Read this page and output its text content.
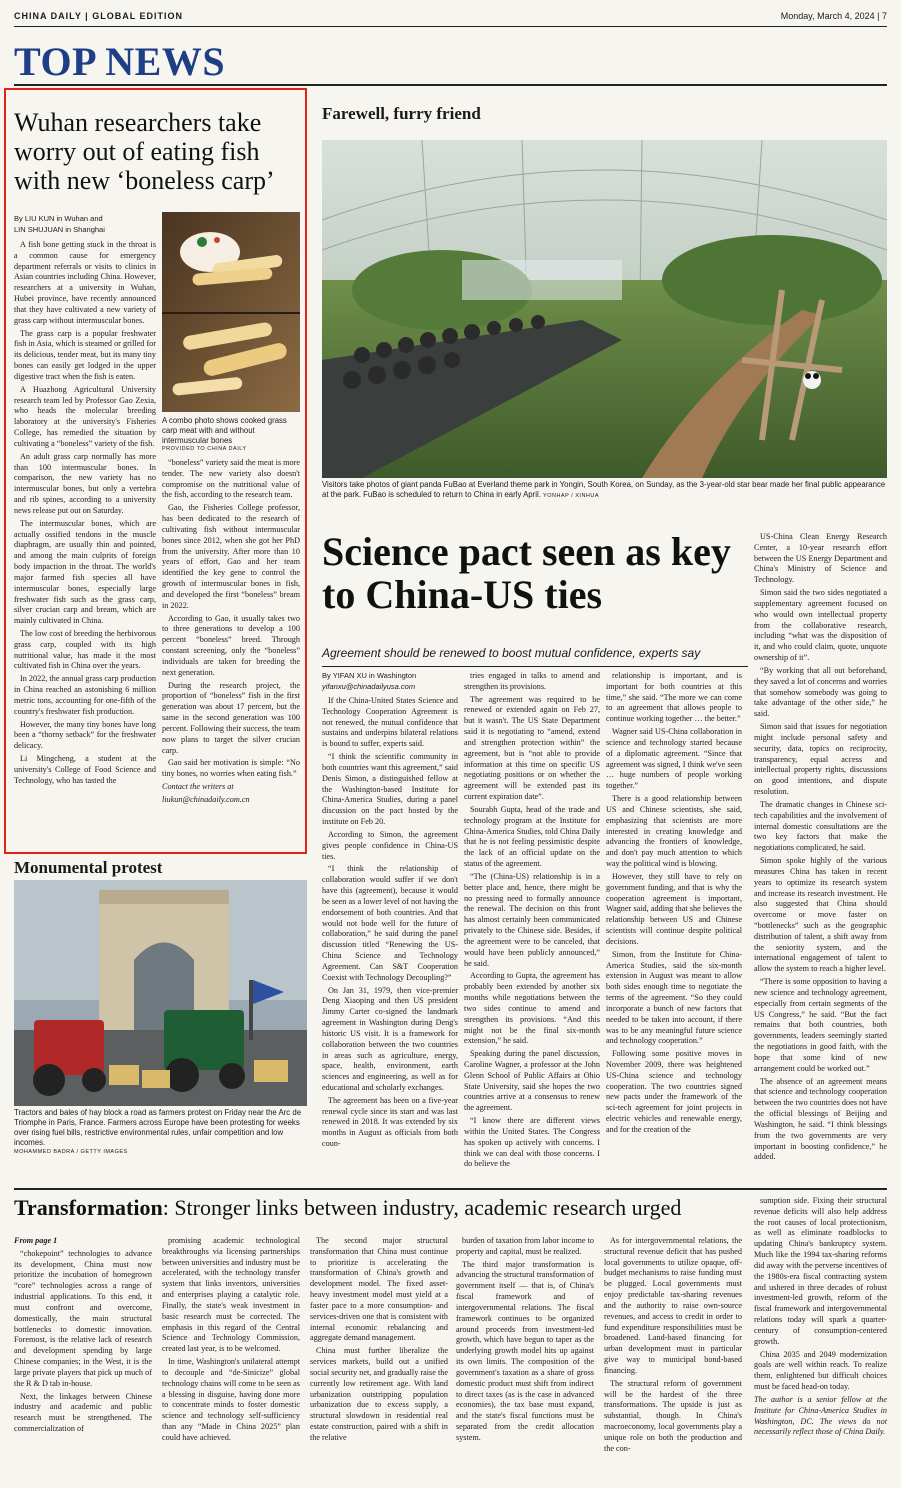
CHINA DAILY | GLOBAL EDITION	Monday, March 4, 2024 | 7
TOP NEWS
Wuhan researchers take worry out of eating fish with new ‘boneless carp’
By LIU KUN in Wuhan and
LIN SHUJUAN in Shanghai
A combo photo shows cooked grass carp meat with and without intermuscular bones
PROVIDED TO CHINA DAILY

A fish bone getting stuck in the throat is a common cause for emergency department referrals or visits to clinics in Asian countries including China. However, researchers at a university in Wuhan, Hubei province, have recently announced that they have cultivated a new variety of grass carp without intermuscular bones.

The grass carp is a popular freshwater fish in Asia, which is steamed or grilled for its delicious, tender meat, but its many tiny bones can easily get lodged in the upper digestive tract when the fish is eaten.

A Huazhong Agricultural University research team led by Professor Gao Zexia, who heads the molecular breeding laboratory at the university's Fisheries College, has remedied the situation by cultivating a “boneless” variety of the fish.

An adult grass carp normally has more than 100 intermuscular bones. In comparison, the new variety has no intermuscular bones, but only a vertebra and rib spines, according to a university news release put out on Saturday.

The intermuscular bones, which are actually ossified tendons in the muscle diaphragm, are usually thin and pointed, and among the main culprits of foreign body impaction in the throat. The world's major farmed fish species all have intermuscular bones, especially large freshwater fish such as the grass carp, silver crucian carp and bream, which are mainly cultivated in China.

The low cost of breeding the herbivorous grass carp, coupled with its high nutritional value, has made it the most cultivated fish in China over the years.

In 2022, the annual grass carp production in China reached an astonishing 6 million metric tons, accounting for one-fifth of the country's freshwater fish production.

However, the many tiny bones have long been a “thorny setback” for the freshwater delicacy.

Li Mingcheng, a student at the university's College of Food Science and Technology, who has tasted the

“boneless” variety said the meat is more tender. The new variety also doesn't compromise on the nutritional value of the fish, according to the research team.

Gao, the Fisheries College professor, has been dedicated to the research of cultivating fish without intermuscular bones since 2012, when she got her PhD from the university. After more than 10 years of effort, Gao and her team identified the key gene to control the growth of intermuscular bones in fish, and developed the first “boneless” bream in 2022.

According to Gao, it usually takes two to three generations to develop a 100 percent “boneless” breed. Through constant screening, only the “boneless” individuals are taken for breeding the next generation.

During the research project, the proportion of “boneless” fish in the first generation was about 17 percent, but the same in the second generation was 100 percent. Following their success, the team now plans to target the silver crucian carp.

Gao said her motivation is simple: “No tiny bones, no worries when eating fish.”

Contact the writers at

liukun@chinadaily.com.cn

Farewell, furry friend
Visitors take photos of giant panda FuBao at Everland theme park in Yongin, South Korea, on Sunday, as the 3-year-old star bear made her final public appearance at the park. FuBao is scheduled to return to China in early April. YONHAP / XINHUA
Monumental protest
Tractors and bales of hay block a road as farmers protest on Friday near the Arc de Triomphe in Paris, France. Farmers across Europe have been protesting for weeks over rising fuel bills, restrictive environmental rules, unfair competition and low incomes.
MOHAMMED BADRA / GETTY IMAGES
Science pact seen as key to China-US ties
Agreement should be renewed to boost mutual confidence, experts say
By YIFAN XU in Washington
yifanxu@chinadailyusa.com

If the China-United States Science and Technology Cooperation Agreement is not renewed, the mutual confidence that sustains and underpins bilateral relations is bound to suffer, experts said.

“I think the scientific community in both countries want this agreement,” said Denis Simon, a distinguished fellow at the Washington-based Institute for China-America Studies, during a panel discussion on the pact hosted by the institute on Feb 20.

According to Simon, the agreement gives people confidence in China-US ties.

“I think the relationship of collaboration would suffer if we don't have this (agreement), because it would be seen as a lower level of not having the endorsement of both countries. And that would not bode well for the future of collaboration,” he said during the panel discussion titled “Renewing the US-China Science and Technology Agreement. Can S&T Cooperation Coexist with Technology Decoupling?”

On Jan 31, 1979, then vice-premier Deng Xiaoping and then US president Jimmy Carter co-signed the landmark agreement in Washington during Deng's historic US visit. It is a framework for collaboration between the two countries in areas such as agriculture, energy, space, health, environment, earth sciences and engineering, as well as for educational and scholarly exchanges.

The agreement has been on a five-year renewal cycle since its start and was last renewed in 2018. It was extended by six months in August as officials from both coun-

tries engaged in talks to amend and strengthen its provisions.

The agreement was required to be renewed or extended again on Feb 27, but it wasn't. The US State Department said it is negotiating to “amend, extend and strengthen protection within” the agreement, but is “not able to provide information at this time on specific US negotiating positions or on whether the agreement will be extended past its current expiration date”.

Sourabh Gupta, head of the trade and technology program at the Institute for China-America Studies, told China Daily that he is not feeling pessimistic despite the lack of an official update on the status of the agreement.

“The (China-US) relationship is in a better place and, hence, there might be no pressing need to formally announce the renewal. The decision on this front has almost certainly been communicated privately to the Chinese side. Besides, if the agreement were to be canceled, that would have been publicly announced,” he said.

According to Gupta, the agreement has probably been extended by another six months while negotiations between the two sides continue to amend and strengthen its provisions. “And this might not be the final six-month extension,” he said.

Speaking during the panel discussion, Caroline Wagner, a professor at the John Glenn School of Public Affairs at Ohio State University, said she hopes the two countries arrive at a consensus to renew the agreement.

“I know there are different views within the United States. The Congress has spoken up actively with concerns. I think we can deal with those concerns. I do believe the

relationship is important, and is important for both countries at this time,” she said. “The more we can come to an agreement that allows people to continue working together … the better.”

Wagner said US-China collaboration in science and technology started because of a diplomatic agreement. “Since that agreement was signed, I think we've seen … huge numbers of people working together.”

There is a good relationship between US and Chinese scientists, she said, emphasizing that scientists are more interested in creating knowledge and advancing the frontiers of knowledge, and don't pay much attention to which way the political wind is blowing.

However, they still have to rely on government funding, and that is why the cooperation agreement is important, Wagner said, adding that she believes the relationship between US and Chinese scientists will continue despite political decisions.

Simon, from the Institute for China-America Studies, said the six-month extension in August was meant to allow both sides enough time to negotiate the terms of the agreement. “So they could incorporate a bunch of new factors that needed to be taken into account, if there was to be any meaningful future science and technology cooperation.”

Following some positive moves in November 2009, there was heightened US-China science and technology cooperation. The two countries signed new pacts under the framework of the sci-tech agreement for joint projects in electric vehicles and renewable energy, and for the creation of the

US-China Clean Energy Research Center, a 10-year research effort between the US Energy Department and China's Ministry of Science and Technology.

Simon said the two sides negotiated a supplementary agreement focused on who would own intellectual property from the collaborative research, including “what was the disposition of it, and who could claim, quote, unquote ownership of it”.

“By working that all out beforehand, they saved a lot of concerns and worries that somehow somebody was going to take advantage of the other side,” he said.

Simon said that issues for negotiation might include personal safety and security, data, topics on reciprocity, transparency, equal access and intellectual property rights, discussions on good intentions, and dispute resolution.

The dramatic changes in Chinese sci-tech capabilities and the involvement of internal domestic consultations are the two key factors that make the negotiations complicated, he said.

Simon spoke highly of the various measures China has taken in recent years to optimize its research system and increase its research investment. He also suggested that China should overcome or move faster on “bottlenecks” such as the geographic distribution of talent, a shift away from the seniority system, and the international engagement of talent to allow the system to reach a higher level.

“There is some opposition to having a new science and technology agreement, especially from certain segments of the US Congress,” he said. “But the fact remains that both countries, both governments, leaders seemingly started the negotiations in good faith, with the hope that some kind of new arrangement could be worked out.”

The absence of an agreement means that science and technology cooperation between the two countries does not have the official blessings of Beijing and Washington, he said. “I think blessings from the two governments are very important in boosting confidence,” he added.

Transformation: Stronger links between industry, academic research urged

From page 1

“chokepoint” technologies to advance its development, China must now prioritize the incubation of homegrown “core” technologies across a range of industrial applications. To this end, it must confront and overcome, domestically, the main structural bottlenecks to domestic innovation. Foremost, is the relative lack of research and development spending by large Chinese companies; in the West, it is the large private players that pick up much of the R & D tab in-house.

Next, the linkages between Chinese industry and academic and public research must be strengthened. The commercialization of

promising academic technological breakthroughs via licensing partnerships between universities and industry must be accelerated, with the technology transfer system that links inventors, universities and enterprises playing a catalytic role. Finally, the state's weak investment in basic research must be corrected. The emphasis in this regard of the Central Science and Technology Commission, created last year, is to be welcomed.

In time, Washington's unilateral attempt to decouple and “de-Sinicize” global technology chains will come to be seen as a blessing in disguise, having done more to concentrate minds to foster domestic science and technology self-sufficiency than any “Made in China 2025” plan could have achieved.

The second major structural transformation that China must continue to prioritize is accelerating the transformation of China's growth and development model. The fixed asset-heavy investment model must yield at a faster pace to a more consumption- and services-driven one that is consistent with internal economic rebalancing and aggregate demand management.

China must further liberalize the services markets, build out a unified social security net, and gradually raise the currently low retirement age. With land urbanization outstripping population urbanization due to excess supply, a structural slowdown in residential real estate construction, paired with a shift in the relative

burden of taxation from labor income to property and capital, must be realized.

The third major transformation is advancing the structural transformation of government itself — that is, of China's fiscal framework and of intergovernmental relations. The fiscal framework continues to be organized around proceeds from investment-led growth, which have begun to taper as the underlying growth model hits up against its own limits. The composition of the government's taxation as a share of gross domestic product must shift from indirect to direct taxes (as is the case in advanced economies), the tax base must expand, and the state's fiscal functions must be separated from the credit allocation system.

As for intergovernmental relations, the structural revenue deficit that has pushed local governments to utilize opaque, off-budget mechanisms to raise funding must be plugged. Local governments must enjoy predictable tax-sharing revenues and the authority to raise own-source revenues, and access to credit in order to fund expenditure responsibilities must be broadened. Land-based financing for urban development must in particular give way to municipal bond-based financing.

The structural reform of government will be the hardest of the three transformations. The upside is just as substantial, though. In China's macroeconomy, local governments play a unique role on both the production and the con-

sumption side. Fixing their structural revenue deficits will also help address the root causes of local protectionism, as well as eliminate roadblocks to updating China's bankruptcy system. Much like the 1994 tax-sharing reforms did away with the perverse incentives of the 1980s-era fiscal contracting system and ushered in three decades of robust investment-led growth, reform of the fiscal framework and intergovernmental relations today will spark a quarter-century of consumption-centered growth.

China 2035 and 2049 modernization goals are well within reach. To realize them, enlightened but difficult choices must be faced head-on today.

The author is a senior fellow at the Institute for China-America Studies in Washington, DC. The views do not necessarily reflect those of China Daily.
